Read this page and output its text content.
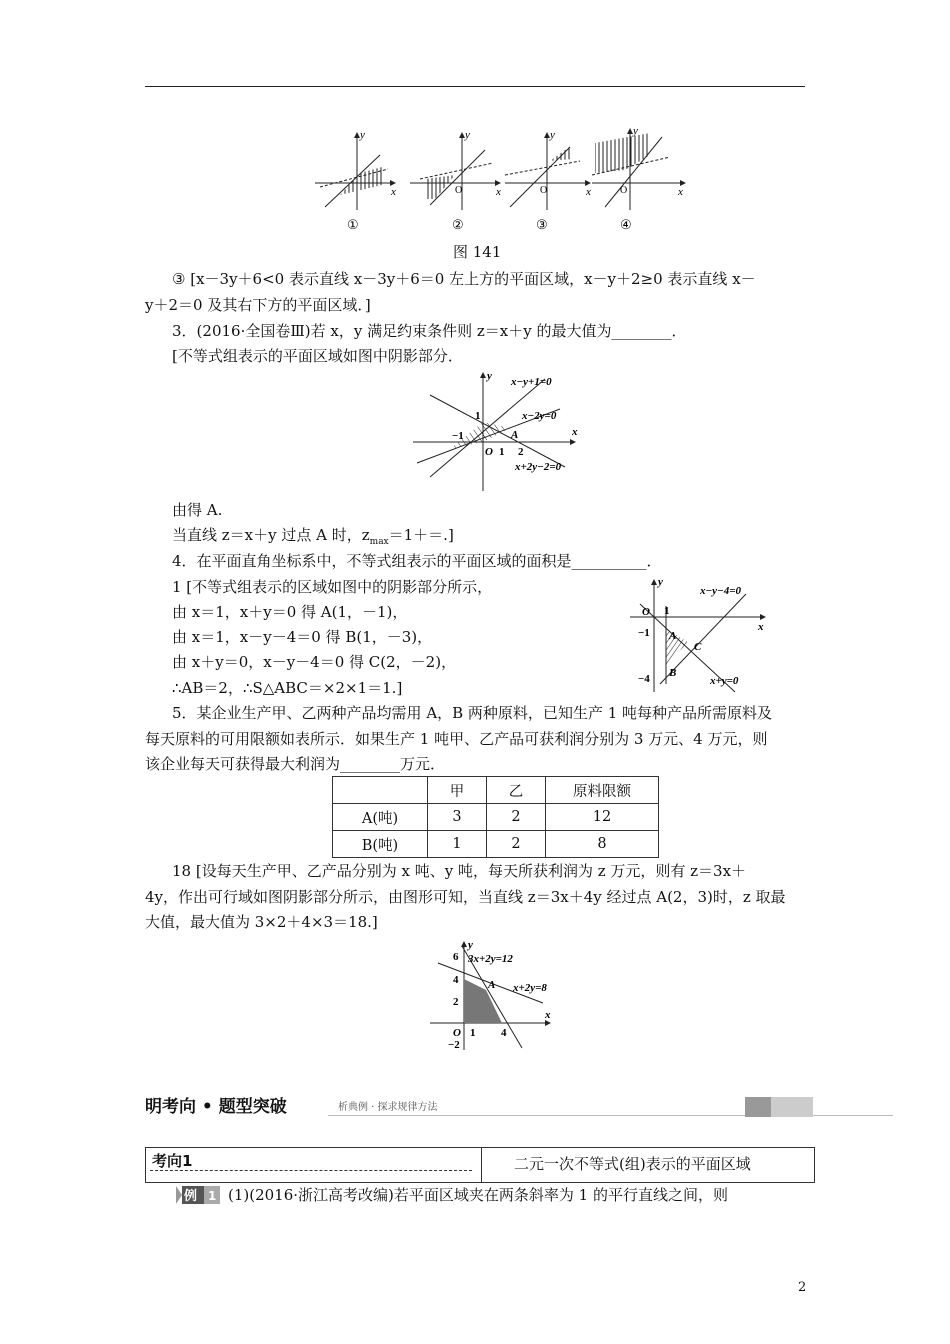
y
x
①
y
x
O
②
y
x
O
③
y
x
O
④
图 141
③ [x－3y＋6<0 表示直线 x－3y＋6＝0 左上方的平面区域，x－y＋2≥0 表示直线 x－
y＋2＝0 及其右下方的平面区域．]
3．(2016·全国卷Ⅲ)若 x，y 满足约束条件则 z＝x＋y 的最大值为________．
[不等式组表示的平面区域如图中阴影部分．
y
x
x−y+1=0
x−2y=0
x+2y−2=0
1
−1	A
O 1 2
由得 A.
当直线 z＝x＋y 过点 A 时，$z_{max}=1+=$.]
4．在平面直角坐标系中，不等式组表示的平面区域的面积是__________．
1 [不等式组表示的区域如图中的阴影部分所示，
由 x＝1，x＋y＝0 得 A(1，－1)，
由 x＝1，x－y－4＝0 得 B(1，－3)，
由 x＋y＝0，x－y－4＝0 得 C(2，－2)，
∴AB＝2，∴S△ABC＝×2×1＝1.]
y
x
x−y−4=0
x+y=0
O 1
−1
−4
A
B
C
5．某企业生产甲、乙两种产品均需用 A，B 两种原料，已知生产 1 吨每种产品所需原料及
每天原料的可用限额如表所示．如果生产 1 吨甲、乙产品可获利润分别为 3 万元、4 万元，则
该企业每天可获得最大利润为________万元．
	甲	乙	原料限额
A(吨)	3	2	12
B(吨)	1	2	8
18 [设每天生产甲、乙产品分别为 x 吨、y 吨，每天所获利润为 z 万元，则有 z＝3x＋
4y，作出可行域如图阴影部分所示，由图形可知，当直线 z＝3x＋4y 经过点 A(2，3)时，z 取最
大值，最大值为 3×2＋4×3＝18.]
y
x
3x+2y=12
x+2y=8
A
6
4
2
−2
O 1 4
明考向 • 题型突破	析典例 · 探求规律方法
考向1	二元一次不等式(组)表示的平面区域
例 1 (1)(2016·浙江高考改编)若平面区域夹在两条斜率为 1 的平行直线之间，则
2
